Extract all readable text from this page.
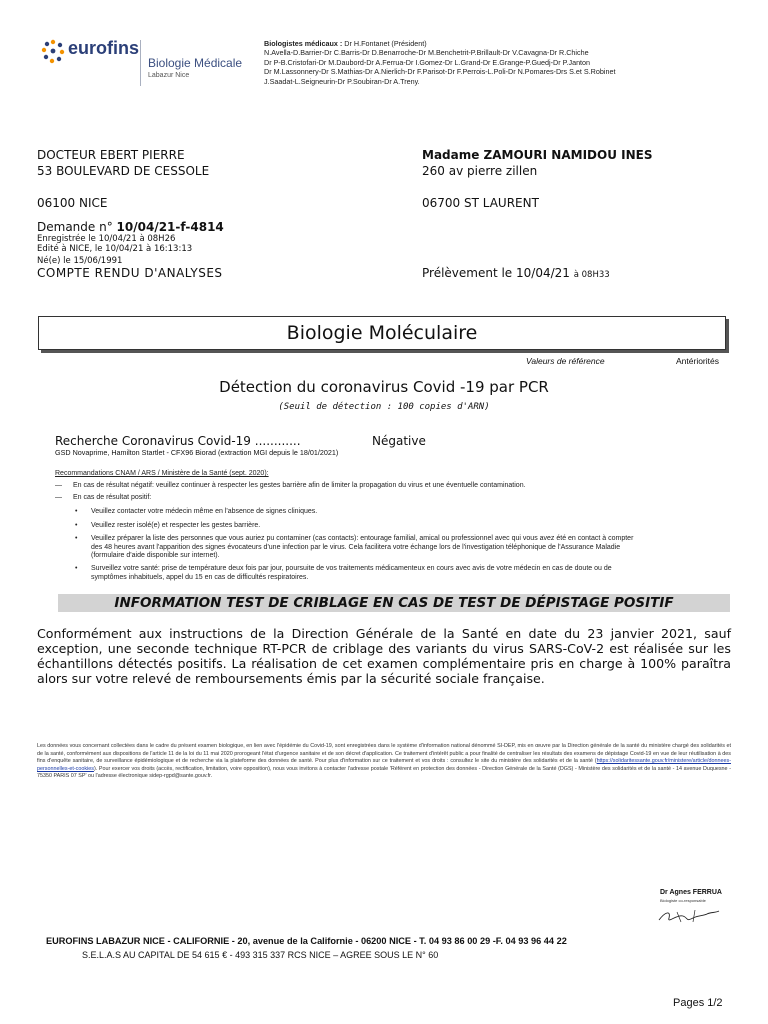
eurofins
Biologie Médicale
Labazur Nice
Biologistes médicaux : Dr H.Fontanet (Président)
N.Avella-D.Barrier-Dr C.Barris-Dr D.Benarroche-Dr M.Benchetrit-P.Brillault-Dr V.Cavagna-Dr R.Chiche
Dr P-B.Cristofari-Dr M.Daubord-Dr A.Ferrua-Dr I.Gomez-Dr L.Grand-Dr E.Grange-P.Guedj-Dr P.Janton
Dr M.Lassonnery-Dr S.Mathias-Dr A.Nierlich-Dr F.Parisot-Dr F.Perrois-L.Poli-Dr N.Pomares-Drs S.et S.Robinet
J.Saadat-L.Seigneurin-Dr P.Soubiran-Dr A.Treny.
DOCTEUR EBERT PIERRE
53 BOULEVARD DE CESSOLE
06100 NICE
Madame ZAMOURI NAMIDOU INES
260 av pierre zillen
06700 ST LAURENT
Demande n° 10/04/21-f-4814
Enregistrée le 10/04/21 à 08H26
Edité à NICE, le 10/04/21 à 16:13:13
Né(e) le 15/06/1991
COMPTE RENDU D'ANALYSES	Prélèvement le 10/04/21 à 08H33
Biologie Moléculaire
Valeurs de référence	Antériorités
Détection du coronavirus Covid -19 par PCR
(Seuil de détection : 100 copies d'ARN)
Recherche Coronavirus Covid-19 ............	Négative
GSD Novaprime, Hamilton Startlet - CFX96 Biorad (extraction MGI depuis le 18/01/2021)
Recommandations CNAM / ARS / Ministère de la Santé (sept. 2020):
—	En cas de résultat négatif: veuillez continuer à respecter les gestes barrière afin de limiter la propagation du virus et une éventuelle contamination.
—	En cas de résultat positif:
•	Veuillez contacter votre médecin même en l'absence de signes cliniques.
•	Veuillez rester isolé(e) et respecter les gestes barrière.
• Veuillez préparer la liste des personnes que vous auriez pu contaminer (cas contacts): entourage familial, amical ou professionnel avec qui vous avez été en contact à compter
des 48 heures avant l'apparition des signes évocateurs d'une infection par le virus. Cela facilitera votre échange lors de l'investigation téléphonique de l'Assurance Maladie
(formulaire d'aide disponible sur internet).
• Surveillez votre santé: prise de température deux fois par jour, poursuite de vos traitements médicamenteux en cours avec avis de votre médecin en cas de doute ou de
symptômes inhabituels, appel du 15 en cas de difficultés respiratoires.
INFORMATION TEST DE CRIBLAGE EN CAS DE TEST DE DÉPISTAGE POSITIF
Conformément aux instructions de la Direction Générale de la Santé en date du 23 janvier 2021, sauf exception, une seconde technique RT-PCR de criblage des variants du virus SARS-CoV-2 est réalisée sur les échantillons détectés positifs. La réalisation de cet examen complémentaire pris en charge à 100% paraîtra alors sur votre relevé de remboursements émis par la sécurité sociale française.
Les données vous concernant collectées dans le cadre du présent examen biologique, en lien avec l'épidémie du Covid-19, sont enregistrées dans le système d'information national dénommé SI-DEP, mis en œuvre par la Direction générale de la santé du ministère chargé des solidarités et de la santé, conformément aux dispositions de l'article 11 de la loi du 11 mai 2020 prorogeant l'état d'urgence sanitaire et de son décret d'application. Ce traitement d'intérêt public a pour finalité de centraliser les résultats des examens de dépistage Covid-19 en vue de leur réutilisation à des fins d'enquête sanitaire, de surveillance épidémiologique et de recherche via la plateforme des données de santé. Pour plus d'information sur ce traitement et vos droits : consultez le site du ministère des solidarités et de la santé (https://solidaritessante.gouv.fr/ministere/article/donnees-personnelles-et-cookies). Pour exercer vos droits (accès, rectification, limitation, voire opposition), nous vous invitons à contacter l'adresse postale 'Référent en protection des données - Direction Générale de la Santé (DGS) - Ministère des solidarités et de la santé - 14 avenue Duquesne - 75350 PARIS 07 SP' ou l'adresse électronique sidep-rgpd@sante.gouv.fr.
Dr Agnes FERRUA
Biologiste co-responsable
EUROFINS LABAZUR NICE - CALIFORNIE - 20, avenue de la Californie - 06200 NICE - T. 04 93 86 00 29 -F. 04 93 96 44 22
S.E.L.A.S AU CAPITAL DE 54 615 € - 493 315 337 RCS NICE – AGREE SOUS LE N° 60
Pages 1/2
